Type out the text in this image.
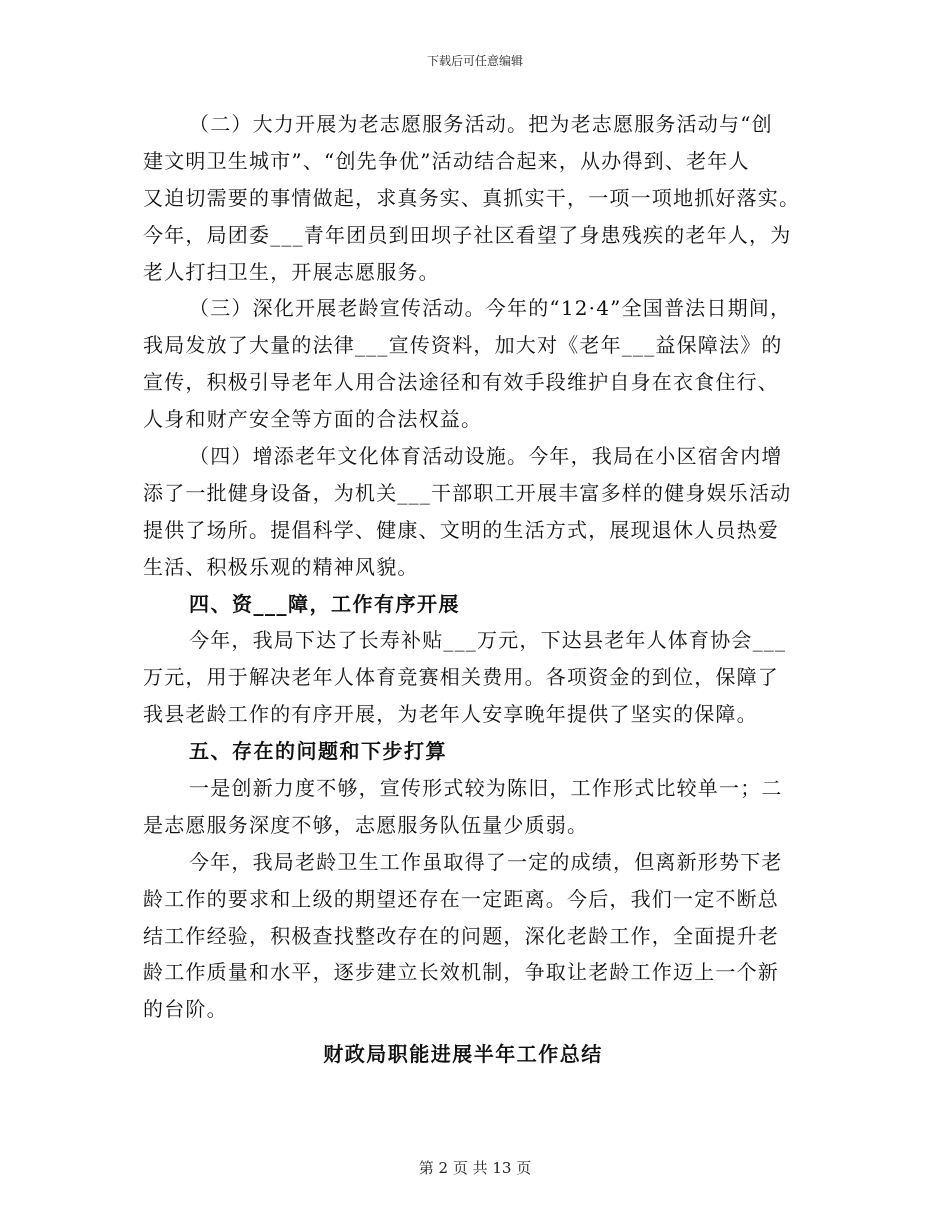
下载后可任意编辑
（二）大力开展为老志愿服务活动。把为老志愿服务活动与“创
建文明卫生城市”、“创先争优”活动结合起来，从办得到、老年人
又迫切需要的事情做起，求真务实、真抓实干，一项一项地抓好落实。
今年，局团委___青年团员到田坝子社区看望了身患残疾的老年人，为
老人打扫卫生，开展志愿服务。
（三）深化开展老龄宣传活动。今年的“12·4”全国普法日期间，
我局发放了大量的法律___宣传资料，加大对《老年___益保障法》的
宣传，积极引导老年人用合法途径和有效手段维护自身在衣食住行、
人身和财产安全等方面的合法权益。
（四）增添老年文化体育活动设施。今年，我局在小区宿舍内增
添了一批健身设备，为机关___干部职工开展丰富多样的健身娱乐活动
提供了场所。提倡科学、健康、文明的生活方式，展现退休人员热爱
生活、积极乐观的精神风貌。
四、资___障，工作有序开展
今年，我局下达了长寿补贴___万元，下达县老年人体育协会___
万元，用于解决老年人体育竞赛相关费用。各项资金的到位，保障了
我县老龄工作的有序开展，为老年人安享晚年提供了坚实的保障。
五、存在的问题和下步打算
一是创新力度不够，宣传形式较为陈旧，工作形式比较单一；二
是志愿服务深度不够，志愿服务队伍量少质弱。
今年，我局老龄卫生工作虽取得了一定的成绩，但离新形势下老
龄工作的要求和上级的期望还存在一定距离。今后，我们一定不断总
结工作经验，积极查找整改存在的问题，深化老龄工作，全面提升老
龄工作质量和水平，逐步建立长效机制，争取让老龄工作迈上一个新
的台阶。
财政局职能进展半年工作总结
第 2 页 共 13 页
